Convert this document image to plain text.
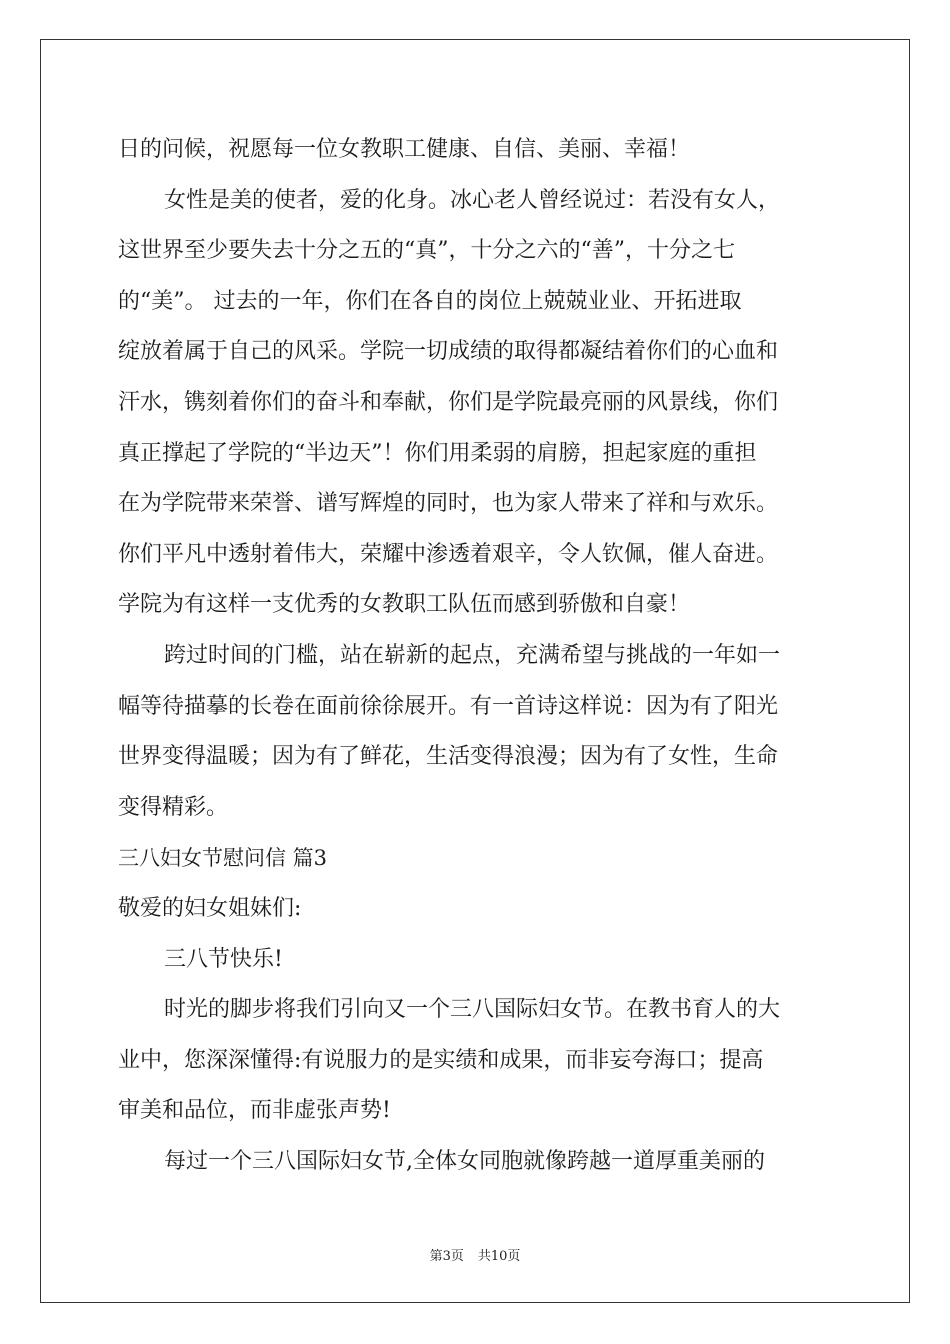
日的问候，祝愿每一位女教职工健康、自信、美丽、幸福！
女性是美的使者，爱的化身。冰心老人曾经说过：若没有女人，
这世界至少要失去十分之五的“真”，十分之六的“善”，十分之七
的“美”。 过去的一年，你们在各自的岗位上兢兢业业、开拓进取
绽放着属于自己的风采。学院一切成绩的取得都凝结着你们的心血和
汗水，镌刻着你们的奋斗和奉献，你们是学院最亮丽的风景线，你们
真正撑起了学院的“半边天”！你们用柔弱的肩膀，担起家庭的重担
在为学院带来荣誉、谱写辉煌的同时，也为家人带来了祥和与欢乐。
你们平凡中透射着伟大，荣耀中渗透着艰辛，令人钦佩，催人奋进。
学院为有这样一支优秀的女教职工队伍而感到骄傲和自豪！
跨过时间的门槛，站在崭新的起点，充满希望与挑战的一年如一
幅等待描摹的长卷在面前徐徐展开。有一首诗这样说：因为有了阳光
世界变得温暖；因为有了鲜花，生活变得浪漫；因为有了女性，生命
变得精彩。
三八妇女节慰问信 篇3
敬爱的妇女姐妹们:
三八节快乐!
时光的脚步将我们引向又一个三八国际妇女节。在教书育人的大
业中，您深深懂得:有说服力的是实绩和成果，而非妄夸海口；提高
审美和品位，而非虚张声势!
每过一个三八国际妇女节,全体女同胞就像跨越一道厚重美丽的
第3页 共10页
